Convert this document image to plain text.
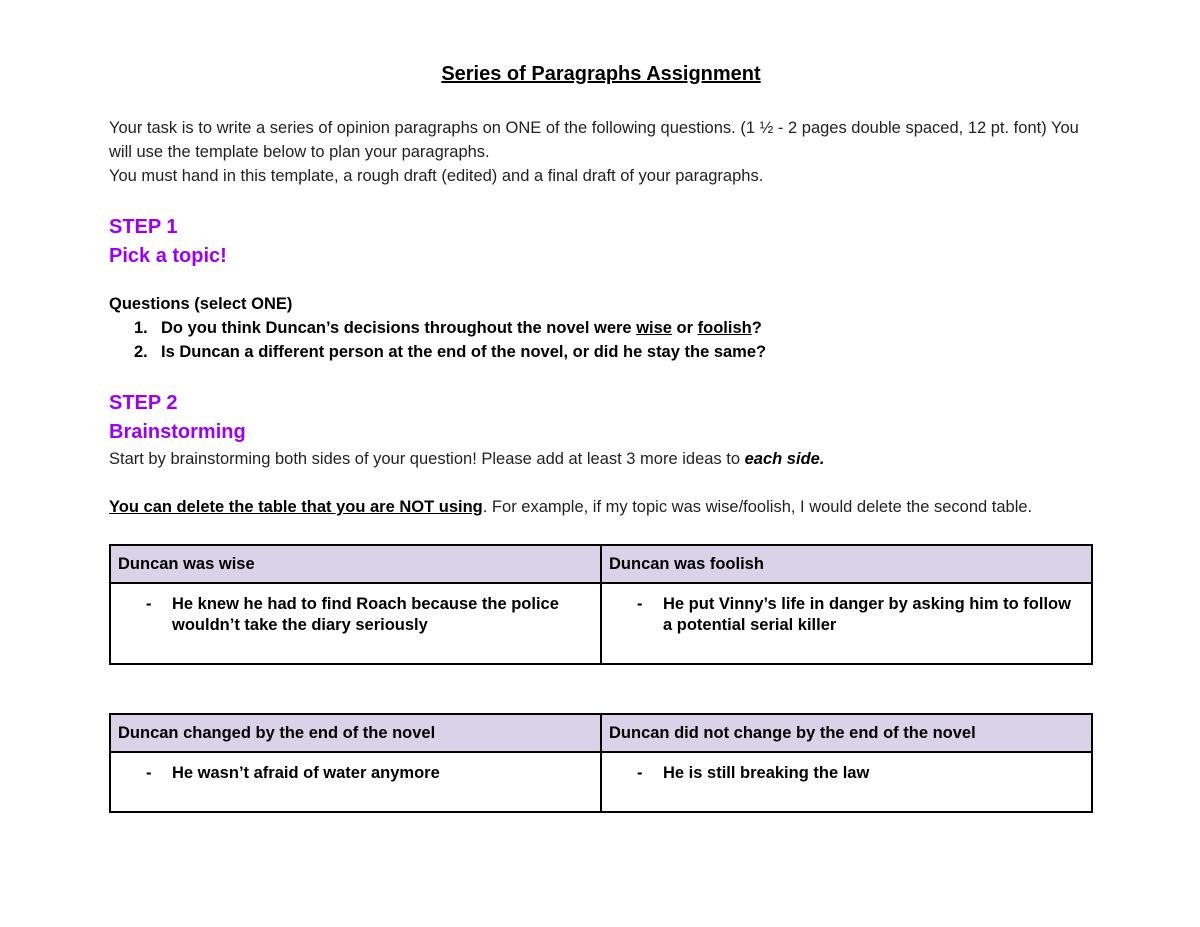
Series of Paragraphs Assignment

Your task is to write a series of opinion paragraphs on ONE of the following questions. (1 ½ - 2 pages double spaced, 12 pt. font) You will use the template below to plan your paragraphs.

You must hand in this template, a rough draft (edited) and a final draft of your paragraphs.

STEP 1

Pick a topic!

Questions (select ONE)
1. Do you think Duncan’s decisions throughout the novel were wise or foolish?
2. Is Duncan a different person at the end of the novel, or did he stay the same?

STEP 2

Brainstorming

Start by brainstorming both sides of your question! Please add at least 3 more ideas to each side.

You can delete the table that you are NOT using. For example, if my topic was wise/foolish, I would delete the second table.
Duncan was wise	Duncan was foolish

- He knew he had to find Roach because the police wouldn’t take the diary seriously	- He put Vinny’s life in danger by asking him to follow a potential serial killer
Duncan changed by the end of the novel	Duncan did not change by the end of the novel

- He wasn’t afraid of water anymore	- He is still breaking the law
